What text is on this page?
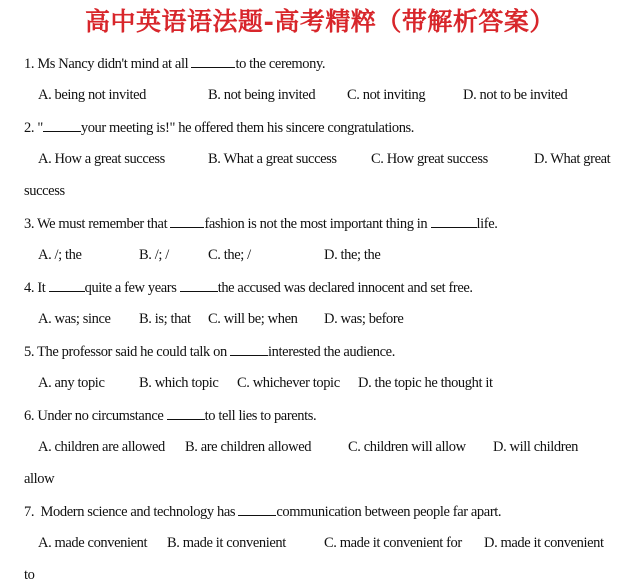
高中英语语法题-高考精粹（带解析答案）
1. Ms Nancy didn't mind at all	to the ceremony.
A. being not invited	B. not being invited C. not inviting	D. not to be invited
2. "	your meeting is!" he offered them his sincere congratulations.
A. How a great success	B. What a great success C. How great success	D. What great
success
3. We must remember that	fashion is not the most important thing in	life.
A. /; the	B. /; /	C. the; /	D. the; the
4. It	quite a few years	the accused was declared innocent and set free.
A. was; since B. is; that C. will be; when D. was; before
5. The professor said he could talk on	interested the audience.
A. any topic B. which topic C. whichever topic D. the topic he thought it
6. Under no circumstance	to tell lies to parents.
A. children are allowed B. are children allowed	C. children will allow D. will children
allow
7. Modern science and technology has	communication between people far apart.
A. made convenient B. made it convenient	C. made it convenient for D. made it convenient
to
